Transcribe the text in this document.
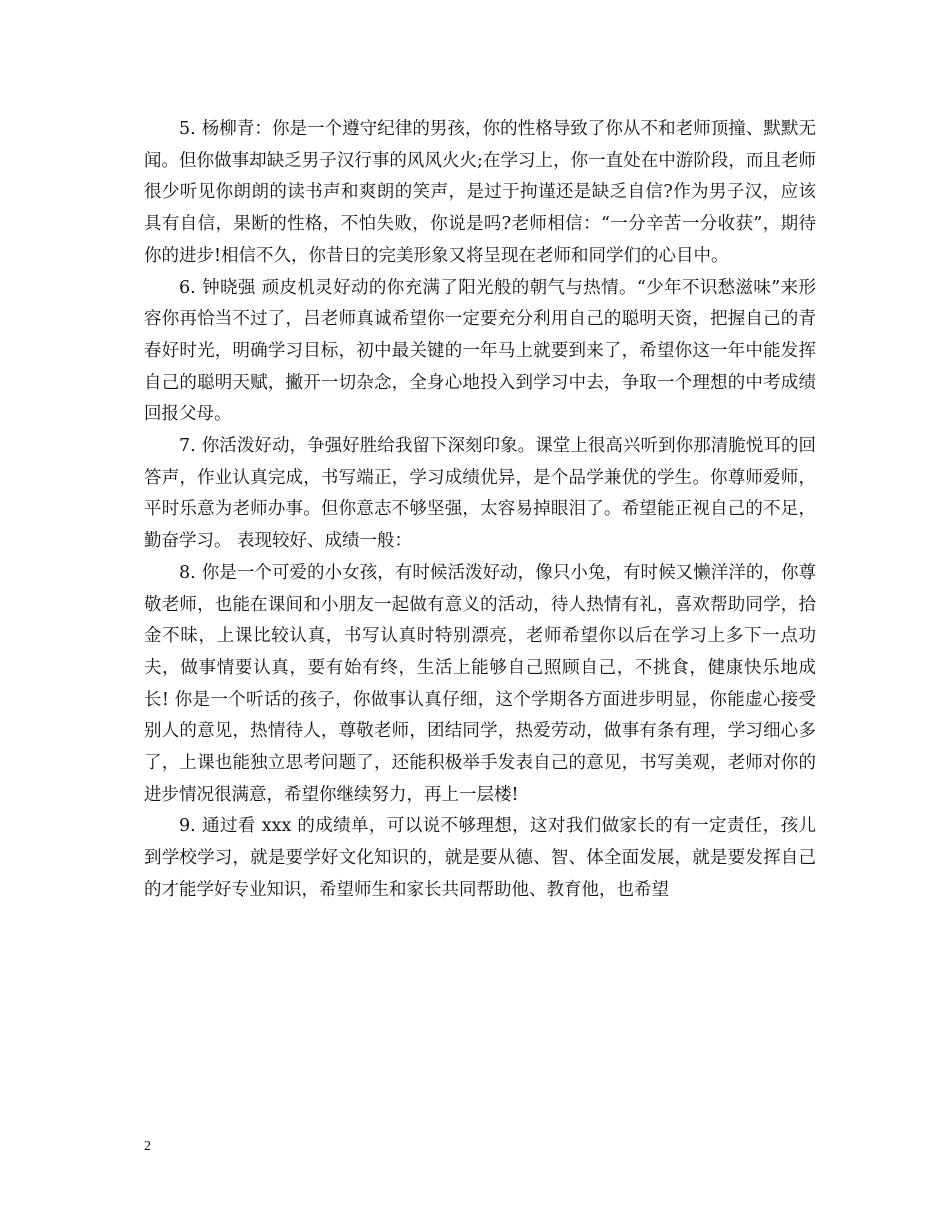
5. 杨柳青：你是一个遵守纪律的男孩，你的性格导致了你从不和老师顶撞、默默无闻。但你做事却缺乏男子汉行事的风风火火;在学习上，你一直处在中游阶段，而且老师很少听见你朗朗的读书声和爽朗的笑声，是过于拘谨还是缺乏自信?作为男子汉，应该具有自信，果断的性格，不怕失败，你说是吗?老师相信：“一分辛苦一分收获”，期待你的进步!相信不久，你昔日的完美形象又将呈现在老师和同学们的心目中。

6. 钟晓强 顽皮机灵好动的你充满了阳光般的朝气与热情。“少年不识愁滋味”来形容你再恰当不过了，吕老师真诚希望你一定要充分利用自己的聪明天资，把握自己的青春好时光，明确学习目标，初中最关键的一年马上就要到来了，希望你这一年中能发挥自己的聪明天赋，撇开一切杂念，全身心地投入到学习中去，争取一个理想的中考成绩回报父母。

7. 你活泼好动，争强好胜给我留下深刻印象。课堂上很高兴听到你那清脆悦耳的回答声，作业认真完成，书写端正，学习成绩优异，是个品学兼优的学生。你尊师爱师，平时乐意为老师办事。但你意志不够坚强，太容易掉眼泪了。希望能正视自己的不足，勤奋学习。 表现较好、成绩一般：

8. 你是一个可爱的小女孩，有时候活泼好动，像只小兔，有时候又懒洋洋的，你尊敬老师，也能在课间和小朋友一起做有意义的活动，待人热情有礼，喜欢帮助同学，拾金不昧，上课比较认真，书写认真时特别漂亮，老师希望你以后在学习上多下一点功夫，做事情要认真，要有始有终，生活上能够自己照顾自己，不挑食，健康快乐地成长! 你是一个听话的孩子，你做事认真仔细，这个学期各方面进步明显，你能虚心接受别人的意见，热情待人，尊敬老师，团结同学，热爱劳动，做事有条有理，学习细心多了，上课也能独立思考问题了，还能积极举手发表自己的意见，书写美观，老师对你的进步情况很满意，希望你继续努力，再上一层楼!

9. 通过看 xxx 的成绩单，可以说不够理想，这对我们做家长的有一定责任，孩儿到学校学习，就是要学好文化知识的，就是要从德、智、体全面发展，就是要发挥自己的才能学好专业知识，希望师生和家长共同帮助他、教育他，也希望

2
